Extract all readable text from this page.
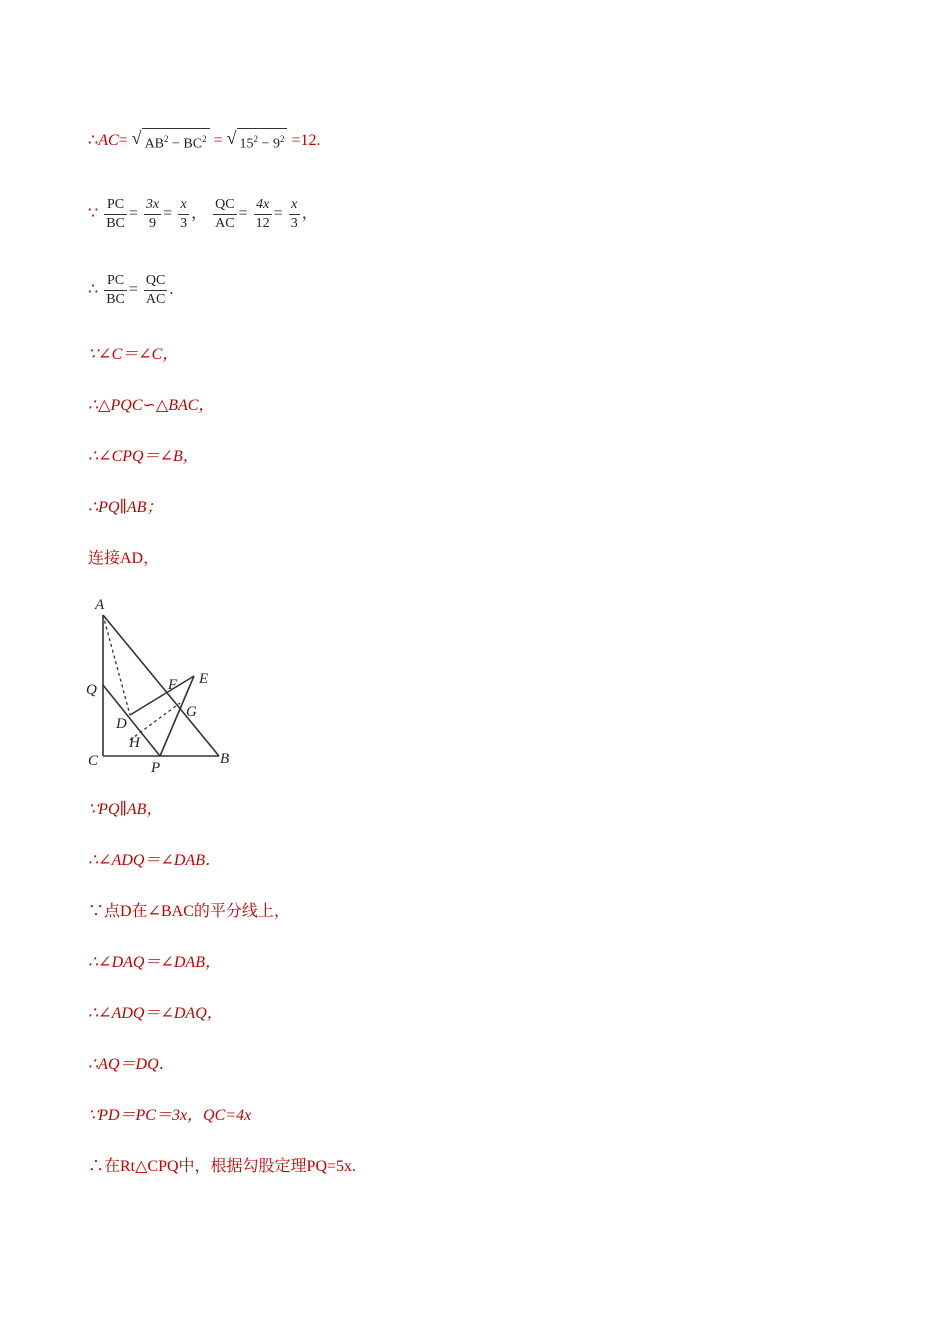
∴AC= √ $AB^2 - BC^2$ = √ $15^2 - 9^2 =12$.
∵ $\frac{PC}{BC} = \frac{3x}{9} = \frac{x}{3}$ ， $\frac{QC}{AC} = \frac{4x}{12} = \frac{x}{3}$ ，
∴ $\frac{PC}{BC} = \frac{QC}{AC}$ .
∵∠C＝∠C，
∴△PQC∽△BAC，
∴∠CPQ＝∠B，
∴PQ∥AB；
连接AD，
A
Q
D
H
C	P
B
F E
G
∵PQ∥AB，
∴∠ADQ＝∠DAB．
∵点D在∠BAC的平分线上，
∴∠DAQ＝∠DAB，
∴∠ADQ＝∠DAQ，
∴AQ＝DQ．
∵PD＝PC＝3x，QC=4x
∴在Rt△CPQ中，根据勾股定理PQ=5x.
